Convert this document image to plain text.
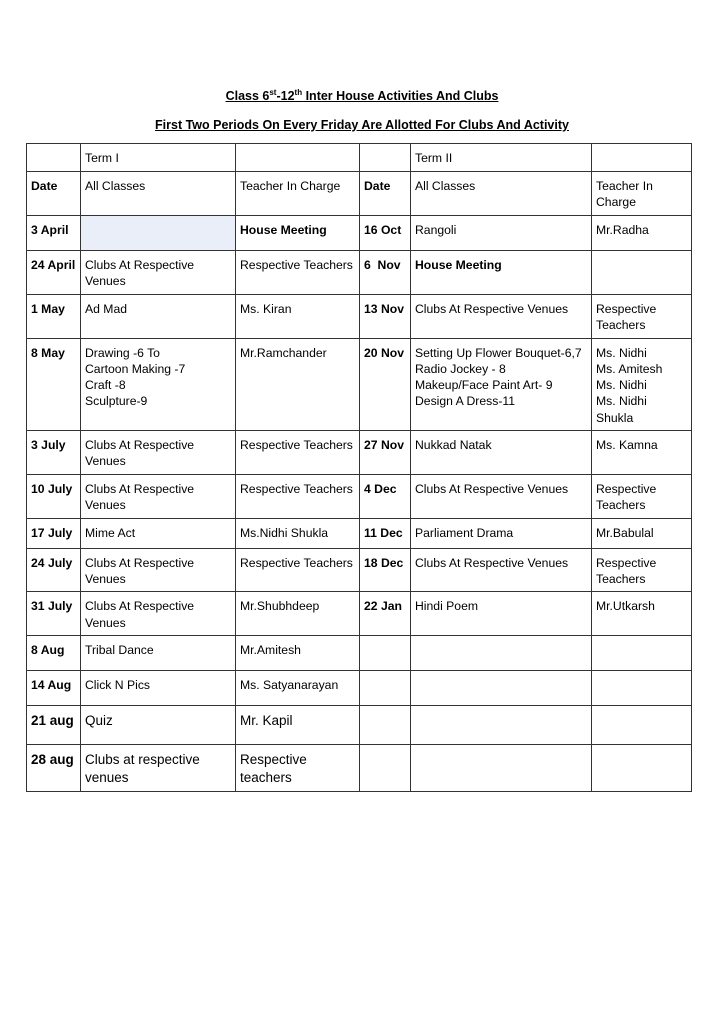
Class 6st-12th Inter House Activities And Clubs
First Two Periods On Every Friday Are Allotted For Clubs And Activity
	Term I			Term II	
Date	All Classes	Teacher In Charge	Date	All Classes	Teacher In Charge
3 April		House Meeting	16 Oct	Rangoli	Mr.Radha
24 April	Clubs At Respective Venues	Respective Teachers	6  Nov	House Meeting	
1 May	Ad Mad	Ms. Kiran	13 Nov	Clubs At Respective Venues	Respective Teachers
8 May	Drawing -6 To
Cartoon Making -7
Craft -8
Sculpture-9	Mr.Ramchander	20 Nov	Setting Up Flower Bouquet-6,7
Radio Jockey - 8
Makeup/Face Paint Art- 9
Design A Dress-11	Ms. Nidhi
Ms. Amitesh
Ms. Nidhi
Ms. Nidhi Shukla

3 July	Clubs At Respective Venues	Respective Teachers	27 Nov	Nukkad Natak	Ms. Kamna
10 July	Clubs At Respective Venues	Respective Teachers	4 Dec	Clubs At Respective Venues	Respective Teachers
17 July	Mime Act	Ms.Nidhi Shukla	11 Dec	Parliament Drama	Mr.Babulal
24 July	Clubs At Respective Venues	Respective Teachers	18 Dec	Clubs At Respective Venues	Respective Teachers
31 July	Clubs At Respective Venues	Mr.Shubhdeep	22 Jan	Hindi Poem	Mr.Utkarsh
8 Aug	Tribal Dance	Mr.Amitesh			
14 Aug	Click N Pics	Ms. Satyanarayan			
21 aug	Quiz	Mr. Kapil			
28 aug	Clubs at respective venues	Respective teachers			
